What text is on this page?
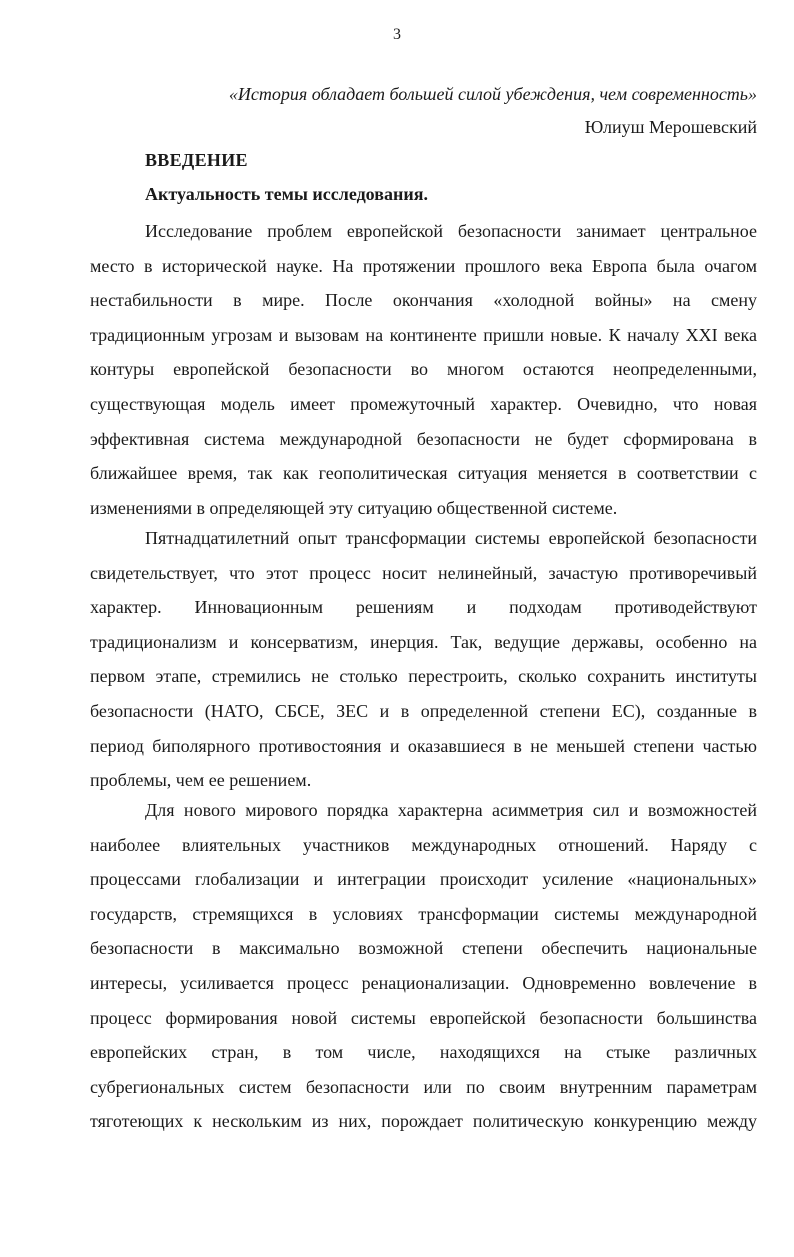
3
«История обладает большей силой убеждения, чем современность»
Юлиуш Мерошевский
ВВЕДЕНИЕ
Актуальность темы исследования.
Исследование проблем европейской безопасности занимает центральное
место в исторической науке. На протяжении прошлого века Европа была очагом
нестабильности в мире. После окончания «холодной войны» на смену
традиционным угрозам и вызовам на континенте пришли новые. К началу XXI века
контуры европейской безопасности во многом остаются неопределенными,
существующая модель имеет промежуточный характер. Очевидно, что новая
эффективная система международной безопасности не будет сформирована в
ближайшее время, так как геополитическая ситуация меняется в соответствии с
изменениями в определяющей эту ситуацию общественной системе.
Пятнадцатилетний опыт трансформации системы европейской безопасности
свидетельствует, что этот процесс носит нелинейный, зачастую противоречивый
характер. Инновационным решениям и подходам противодействуют
традиционализм и консерватизм, инерция. Так, ведущие державы, особенно на
первом этапе, стремились не столько перестроить, сколько сохранить институты
безопасности (НАТО, СБСЕ, ЗЕС и в определенной степени ЕС), созданные в
период биполярного противостояния и оказавшиеся в не меньшей степени частью
проблемы, чем ее решением.
Для нового мирового порядка характерна асимметрия сил и возможностей
наиболее влиятельных участников международных отношений. Наряду с
процессами глобализации и интеграции происходит усиление «национальных»
государств, стремящихся в условиях трансформации системы международной
безопасности в максимально возможной степени обеспечить национальные
интересы, усиливается процесс ренационализации. Одновременно вовлечение в
процесс формирования новой системы европейской безопасности большинства
европейских стран, в том числе, находящихся на стыке различных
субрегиональных систем безопасности или по своим внутренним параметрам
тяготеющих к нескольким из них, порождает политическую конкуренцию между
